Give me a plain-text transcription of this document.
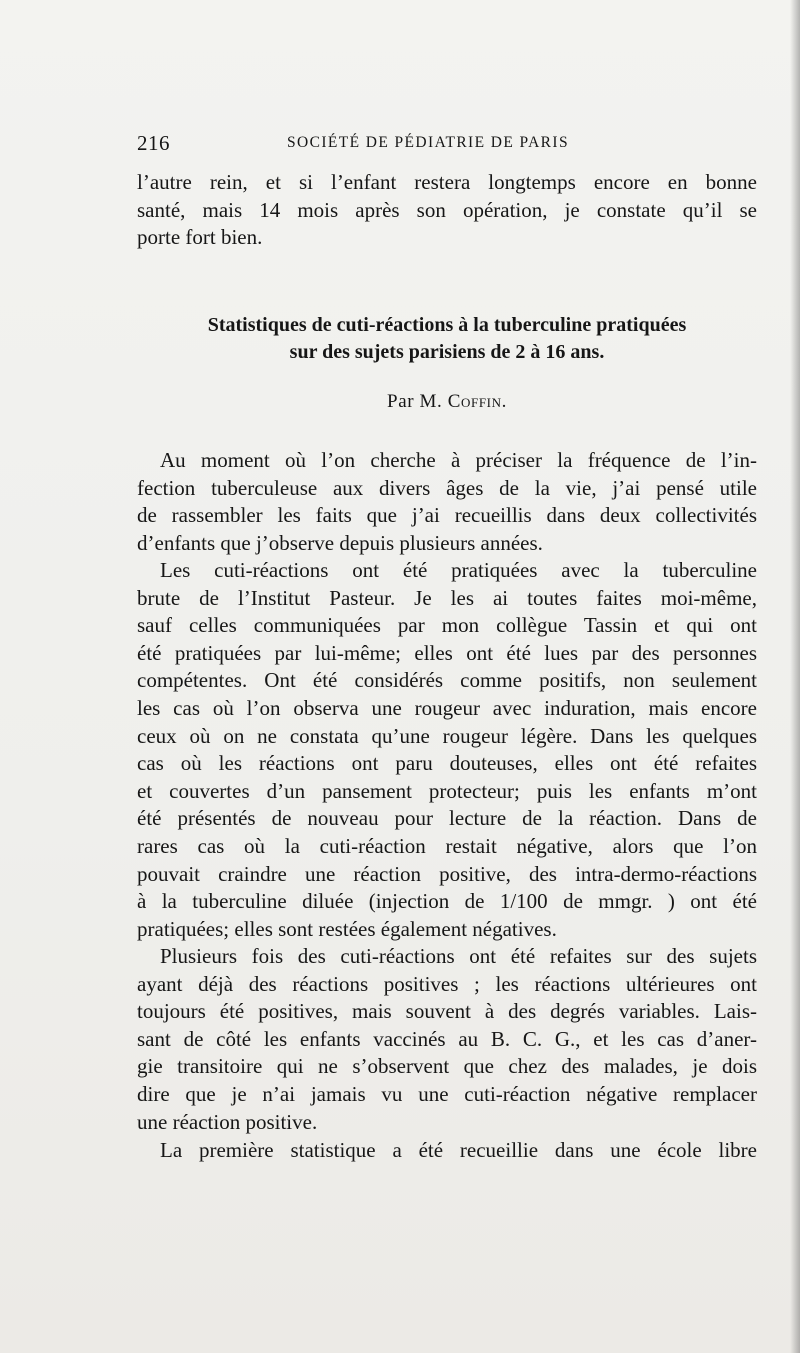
216	SOCIÉTÉ DE PÉDIATRIE DE PARIS
l’autre rein, et si l’enfant restera longtemps encore en bonne
santé, mais 14 mois après son opération, je constate qu’il se
porte fort bien.
Statistiques de cuti-réactions à la tuberculine pratiquées
sur des sujets parisiens de 2 à 16 ans.
Par M. Coffin.
Au moment où l’on cherche à préciser la fréquence de l’in-
fection tuberculeuse aux divers âges de la vie, j’ai pensé utile
de rassembler les faits que j’ai recueillis dans deux collectivités
d’enfants que j’observe depuis plusieurs années.
Les cuti-réactions ont été pratiquées avec la tuberculine
brute de l’Institut Pasteur. Je les ai toutes faites moi-même,
sauf celles communiquées par mon collègue Tassin et qui ont
été pratiquées par lui-même; elles ont été lues par des personnes
compétentes. Ont été considérés comme positifs, non seulement
les cas où l’on observa une rougeur avec induration, mais encore
ceux où on ne constata qu’une rougeur légère. Dans les quelques
cas où les réactions ont paru douteuses, elles ont été refaites
et couvertes d’un pansement protecteur; puis les enfants m’ont
été présentés de nouveau pour lecture de la réaction. Dans de
rares cas où la cuti-réaction restait négative, alors que l’on
pouvait craindre une réaction positive, des intra-dermo-réactions
à la tuberculine diluée (injection de 1/100 de mmgr. ) ont été
pratiquées; elles sont restées également négatives.
Plusieurs fois des cuti-réactions ont été refaites sur des sujets
ayant déjà des réactions positives ; les réactions ultérieures ont
toujours été positives, mais souvent à des degrés variables. Lais-
sant de côté les enfants vaccinés au B. C. G., et les cas d’aner-
gie transitoire qui ne s’observent que chez des malades, je dois
dire que je n’ai jamais vu une cuti-réaction négative remplacer
une réaction positive.
La première statistique a été recueillie dans une école libre
